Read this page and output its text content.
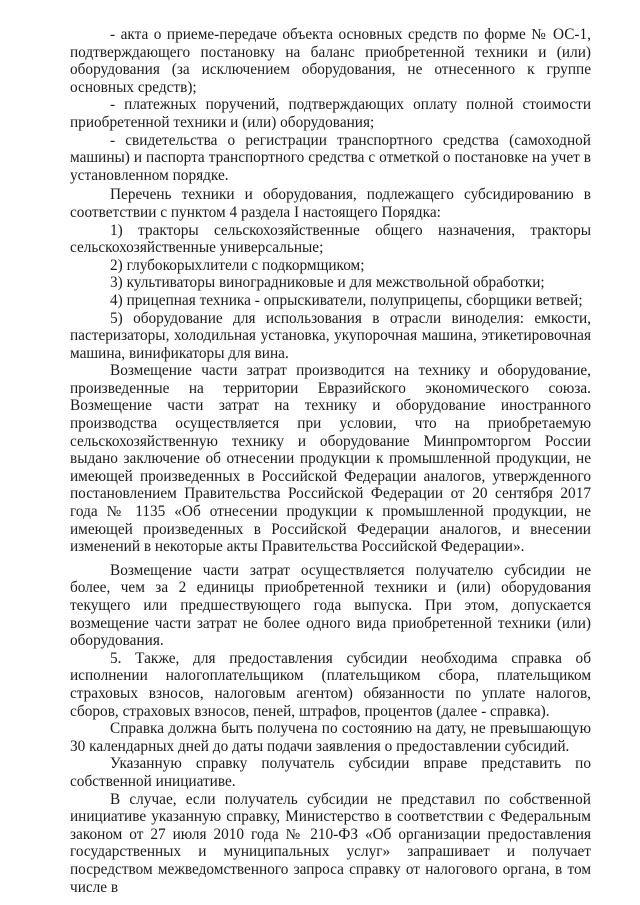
- акта о приеме-передаче объекта основных средств по форме № ОС-1, подтверждающего постановку на баланс приобретенной техники и (или) оборудования (за исключением оборудования, не отнесенного к группе основных средств);

- платежных поручений, подтверждающих оплату полной стоимости приобретенной техники и (или) оборудования;

- свидетельства о регистрации транспортного средства (самоходной машины) и паспорта транспортного средства с отметкой о постановке на учет в установленном порядке.

Перечень техники и оборудования, подлежащего субсидированию в соответствии с пунктом 4 раздела I настоящего Порядка:

1) тракторы сельскохозяйственные общего назначения, тракторы сельскохозяйственные универсальные;

2) глубокорыхлители с подкормщиком;

3) культиваторы виноградниковые и для межствольной обработки;

4) прицепная техника - опрыскиватели, полуприцепы, сборщики ветвей;

5) оборудование для использования в отрасли виноделия: емкости, пастеризаторы, холодильная установка, укупорочная машина, этикетировочная машина, винификаторы для вина.

Возмещение части затрат производится на технику и оборудование, произведенные на территории Евразийского экономического союза. Возмещение части затрат на технику и оборудование иностранного производства осуществляется при условии, что на приобретаемую сельскохозяйственную технику и оборудование Минпромторгом России выдано заключение об отнесении продукции к промышленной продукции, не имеющей произведенных в Российской Федерации аналогов, утвержденного постановлением Правительства Российской Федерации от 20 сентября 2017 года № 1135 «Об отнесении продукции к промышленной продукции, не имеющей произведенных в Российской Федерации аналогов, и внесении изменений в некоторые акты Правительства Российской Федерации».

Возмещение части затрат осуществляется получателю субсидии не более, чем за 2 единицы приобретенной техники и (или) оборудования текущего или предшествующего года выпуска. При этом, допускается возмещение части затрат не более одного вида приобретенной техники (или) оборудования.

5. Также, для предоставления субсидии необходима справка об исполнении налогоплательщиком (плательщиком сбора, плательщиком страховых взносов, налоговым агентом) обязанности по уплате налогов, сборов, страховых взносов, пеней, штрафов, процентов (далее - справка).

Справка должна быть получена по состоянию на дату, не превышающую 30 календарных дней до даты подачи заявления о предоставлении субсидий.

Указанную справку получатель субсидии вправе представить по собственной инициативе.

В случае, если получатель субсидии не представил по собственной инициативе указанную справку, Министерство в соответствии с Федеральным законом от 27 июля 2010 года № 210-ФЗ «Об организации предоставления государственных и муниципальных услуг» запрашивает и получает посредством межведомственного запроса справку от налогового органа, в том числе в
